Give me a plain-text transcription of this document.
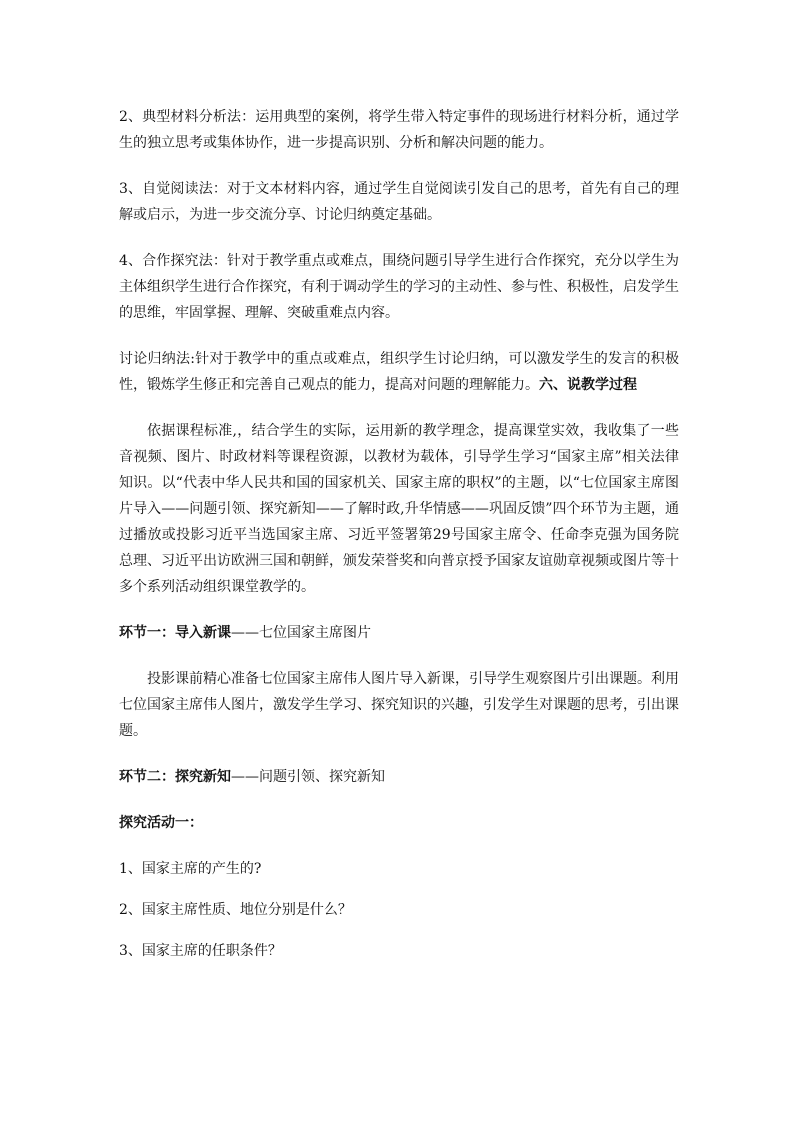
2、典型材料分析法：运用典型的案例，将学生带入特定事件的现场进行材料分析，通过学生的独立思考或集体协作，进一步提高识别、分析和解决问题的能力。

3、自觉阅读法：对于文本材料内容，通过学生自觉阅读引发自己的思考，首先有自己的理解或启示，为进一步交流分享、讨论归纳奠定基础。

4、合作探究法：针对于教学重点或难点，围绕问题引导学生进行合作探究，充分以学生为主体组织学生进行合作探究，有利于调动学生的学习的主动性、参与性、积极性，启发学生的思维，牢固掌握、理解、突破重难点内容。

讨论归纳法:针对于教学中的重点或难点，组织学生讨论归纳，可以激发学生的发言的积极性，锻炼学生修正和完善自己观点的能力，提高对问题的理解能力。六、说教学过程

依据课程标准,，结合学生的实际，运用新的教学理念，提高课堂实效，我收集了一些音视频、图片、时政材料等课程资源，以教材为载体，引导学生学习“国家主席”相关法律知识。以“代表中华人民共和国的国家机关、国家主席的职权”的主题，以“七位国家主席图片导入——问题引领、探究新知——了解时政,升华情感——巩固反馈”四个环节为主题，通过播放或投影习近平当选国家主席、习近平签署第29号国家主席令、任命李克强为国务院总理、习近平出访欧洲三国和朝鲜，颁发荣誉奖和向普京授予国家友谊勋章视频或图片等十多个系列活动组织课堂教学的。

环节一：导入新课——七位国家主席图片

投影课前精心准备七位国家主席伟人图片导入新课，引导学生观察图片引出课题。利用七位国家主席伟人图片，激发学生学习、探究知识的兴趣，引发学生对课题的思考，引出课题。

环节二：探究新知——问题引领、探究新知

探究活动一：

1、国家主席的产生的?

2、国家主席性质、地位分别是什么？

3、国家主席的任职条件？
